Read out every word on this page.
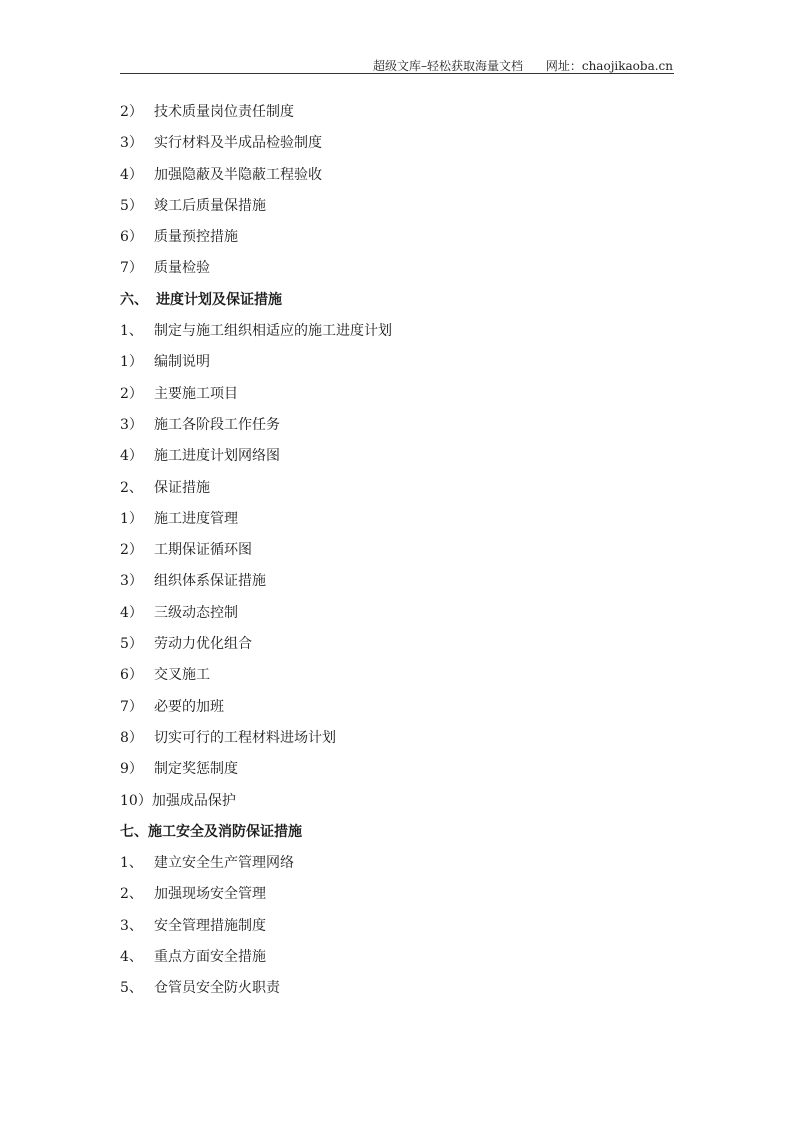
超级文库–轻松获取海量文档 网址：chaojikaoba.cn
2） 技术质量岗位责任制度
3） 实行材料及半成品检验制度
4） 加强隐蔽及半隐蔽工程验收
5） 竣工后质量保措施
6） 质量预控措施
7） 质量检验
六、 进度计划及保证措施
1、 制定与施工组织相适应的施工进度计划
1） 编制说明
2） 主要施工项目
3） 施工各阶段工作任务
4） 施工进度计划网络图
2、 保证措施
1） 施工进度管理
2） 工期保证循环图
3） 组织体系保证措施
4） 三级动态控制
5） 劳动力优化组合
6） 交叉施工
7） 必要的加班
8） 切实可行的工程材料进场计划
9） 制定奖惩制度
10）加强成品保护
七、施工安全及消防保证措施
1、 建立安全生产管理网络
2、 加强现场安全管理
3、 安全管理措施制度
4、 重点方面安全措施
5、 仓管员安全防火职责
